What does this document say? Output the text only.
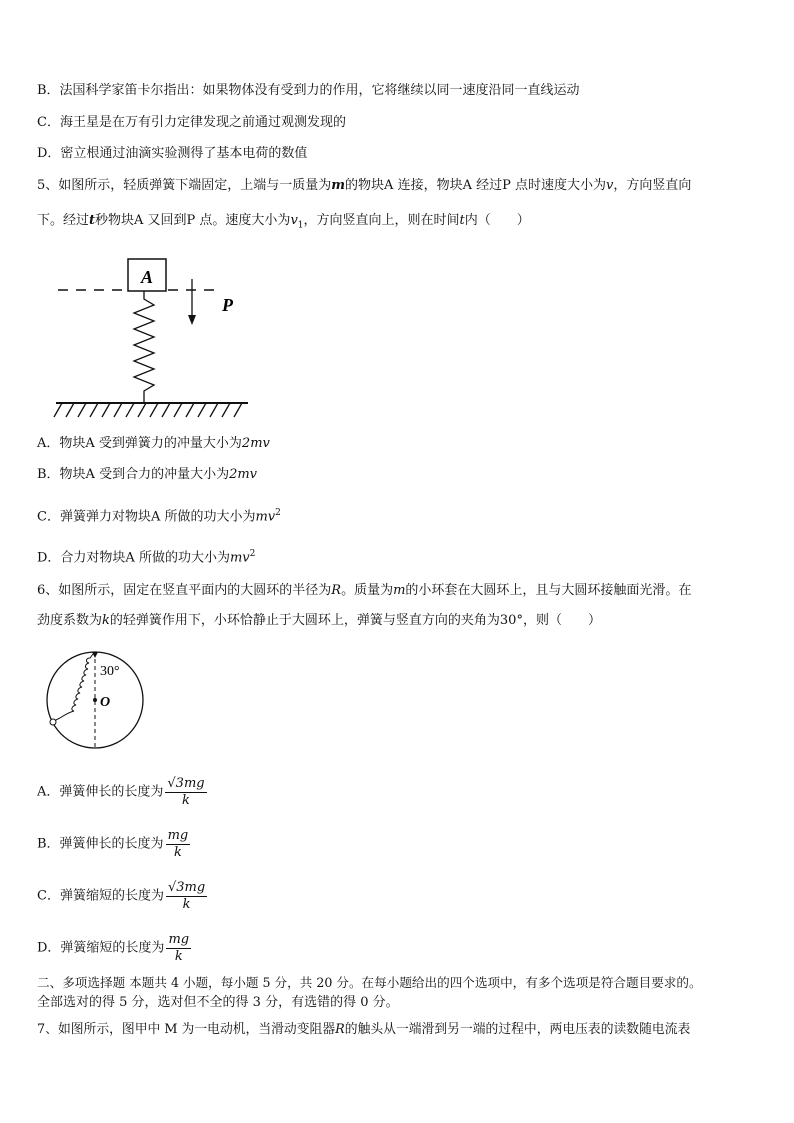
B．法国科学家笛卡尔指出：如果物体没有受到力的作用，它将继续以同一速度沿同一直线运动
C．海王星是在万有引力定律发现之前通过观测发现的
D．密立根通过油滴实验测得了基本电荷的数值
5、如图所示，轻质弹簧下端固定，上端与一质量为m的物块A 连接，物块A 经过P 点时速度大小为v，方向竖直向
下。经过t秒物块A 又回到P 点。速度大小为$v_1$，方向竖直向上，则在时间t内（　　）
A
P
A．物块A 受到弹簧力的冲量大小为2mv
B．物块A 受到合力的冲量大小为2mv
C．弹簧弹力对物块A 所做的功大小为$mv^2$
D．合力对物块A 所做的功大小为$mv^2$
6、如图所示，固定在竖直平面内的大圆环的半径为R。质量为m的小环套在大圆环上，且与大圆环接触面光滑。在
劲度系数为k的轻弹簧作用下，小环恰静止于大圆环上，弹簧与竖直方向的夹角为30°，则（　　）
30°
O
A．弹簧伸长的长度为 $\frac{√3mg}{k}$
B．弹簧伸长的长度为 $\frac{mg}{k}$
C．弹簧缩短的长度为 $\frac{√3mg}{k}$
D．弹簧缩短的长度为 $\frac{mg}{k}$
二、多项选择题 本题共 4 小题，每小题 5 分，共 20 分。在每小题给出的四个选项中，有多个选项是符合题目要求的。
全部选对的得 5 分，选对但不全的得 3 分，有选错的得 0 分。
7、如图所示，图甲中 M 为一电动机，当滑动变阻器R的触头从一端滑到另一端的过程中，两电压表的读数随电流表
